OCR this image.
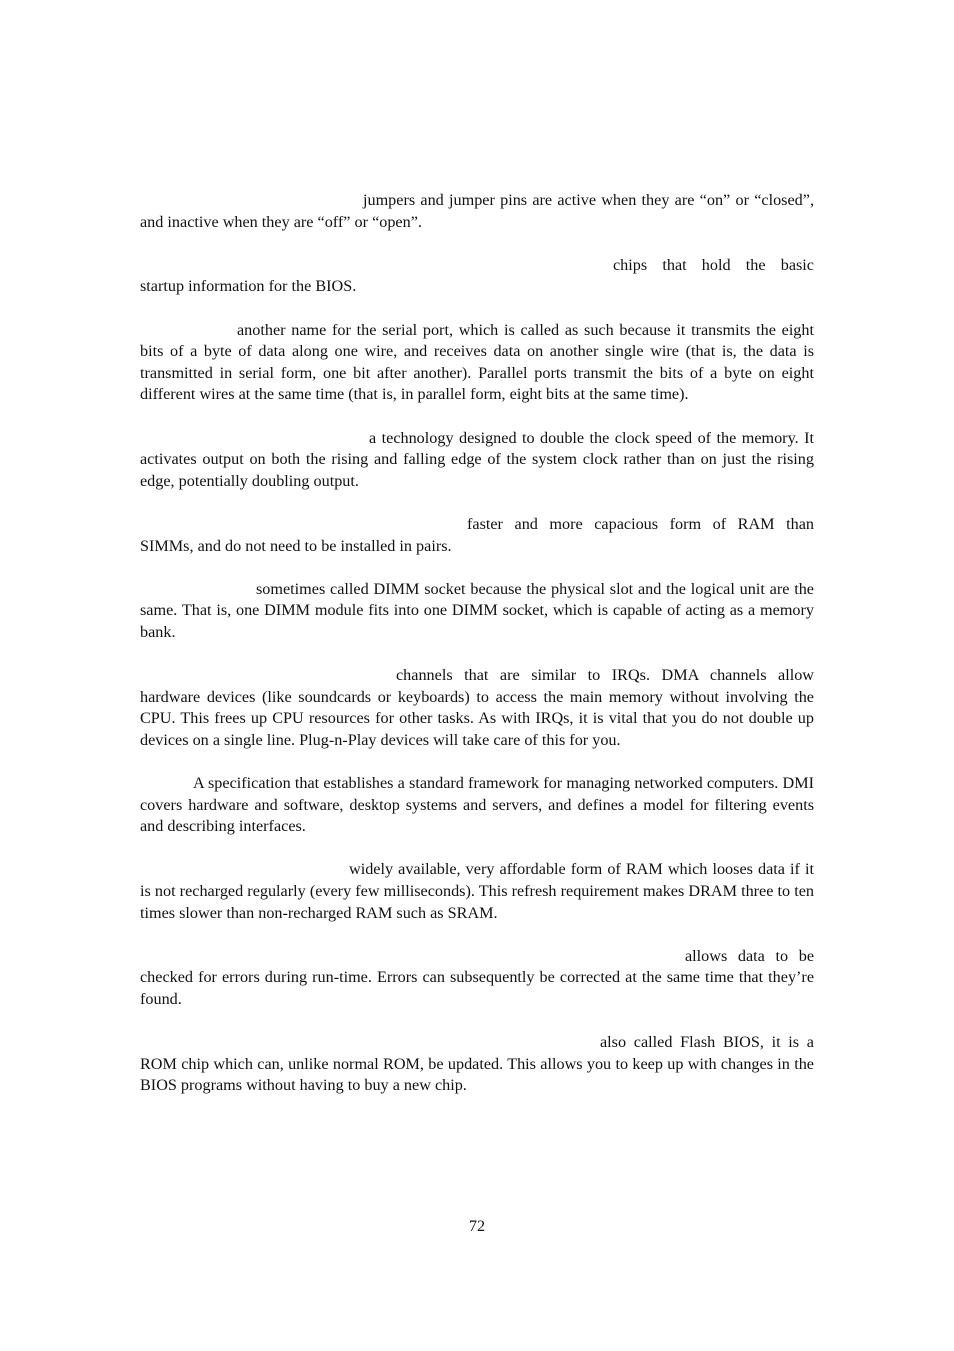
jumpers and jumper pins are active when they are “on” or “closed”, and inactive when they are “off” or “open”.

chips that hold the basic startup information for the BIOS.

another name for the serial port, which is called as such because it transmits the eight bits of a byte of data along one wire, and receives data on another single wire (that is, the data is transmitted in serial form, one bit after another). Parallel ports transmit the bits of a byte on eight different wires at the same time (that is, in parallel form, eight bits at the same time).

a technology designed to double the clock speed of the memory. It activates output on both the rising and falling edge of the system clock rather than on just the rising edge, potentially doubling output.

faster and more capacious form of RAM than SIMMs, and do not need to be installed in pairs.

sometimes called DIMM socket because the physical slot and the logical unit are the same. That is, one DIMM module fits into one DIMM socket, which is capable of acting as a memory bank.

channels that are similar to IRQs. DMA channels allow hardware devices (like soundcards or keyboards) to access the main memory without involving the CPU. This frees up CPU resources for other tasks. As with IRQs, it is vital that you do not double up devices on a single line. Plug-n-Play devices will take care of this for you.

A specification that establishes a standard framework for managing networked computers. DMI covers hardware and software, desktop systems and servers, and defines a model for filtering events and describing interfaces.

widely available, very affordable form of RAM which looses data if it is not recharged regularly (every few milliseconds). This refresh requirement makes DRAM three to ten times slower than non-recharged RAM such as SRAM.

allows data to be checked for errors during run-time. Errors can subsequently be corrected at the same time that they’re found.

also called Flash BIOS, it is a ROM chip which can, unlike normal ROM, be updated. This allows you to keep up with changes in the BIOS programs without having to buy a new chip.

72
